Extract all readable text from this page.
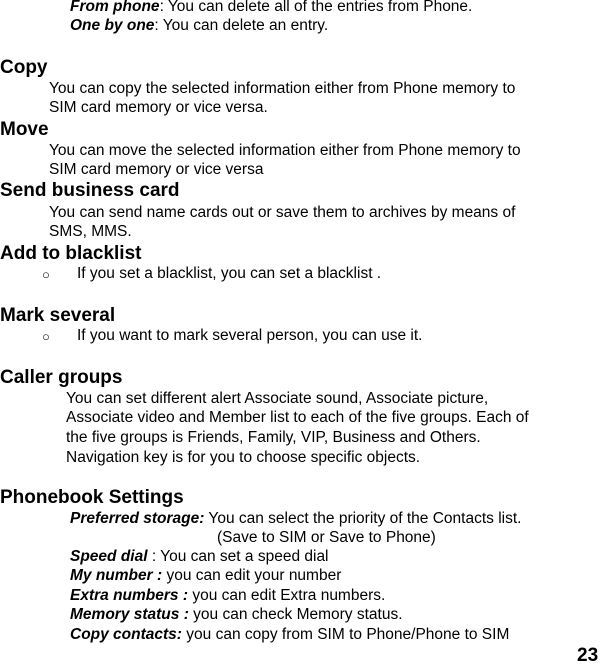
From phone: You can delete all of the entries from Phone.
One by one: You can delete an entry.
Copy
You can copy the selected information either from Phone memory to
SIM card memory or vice versa.
Move
You can move the selected information either from Phone memory to
SIM card memory or vice versa
Send business card
You can send name cards out or save them to archives by means of
SMS, MMS.
Add to blacklist
○ If you set a blacklist, you can set a blacklist .
Mark several
○ If you want to mark several person, you can use it.
Caller groups
You can set different alert Associate sound, Associate picture,
Associate video and Member list to each of the five groups. Each of
the five groups is Friends, Family, VIP, Business and Others.
Navigation key is for you to choose specific objects.
Phonebook Settings
Preferred storage: You can select the priority of the Contacts list.
(Save to SIM or Save to Phone)
Speed dial : You can set a speed dial
My number : you can edit your number
Extra numbers : you can edit Extra numbers.
Memory status : you can check Memory status.
Copy contacts: you can copy from SIM to Phone/Phone to SIM
23
